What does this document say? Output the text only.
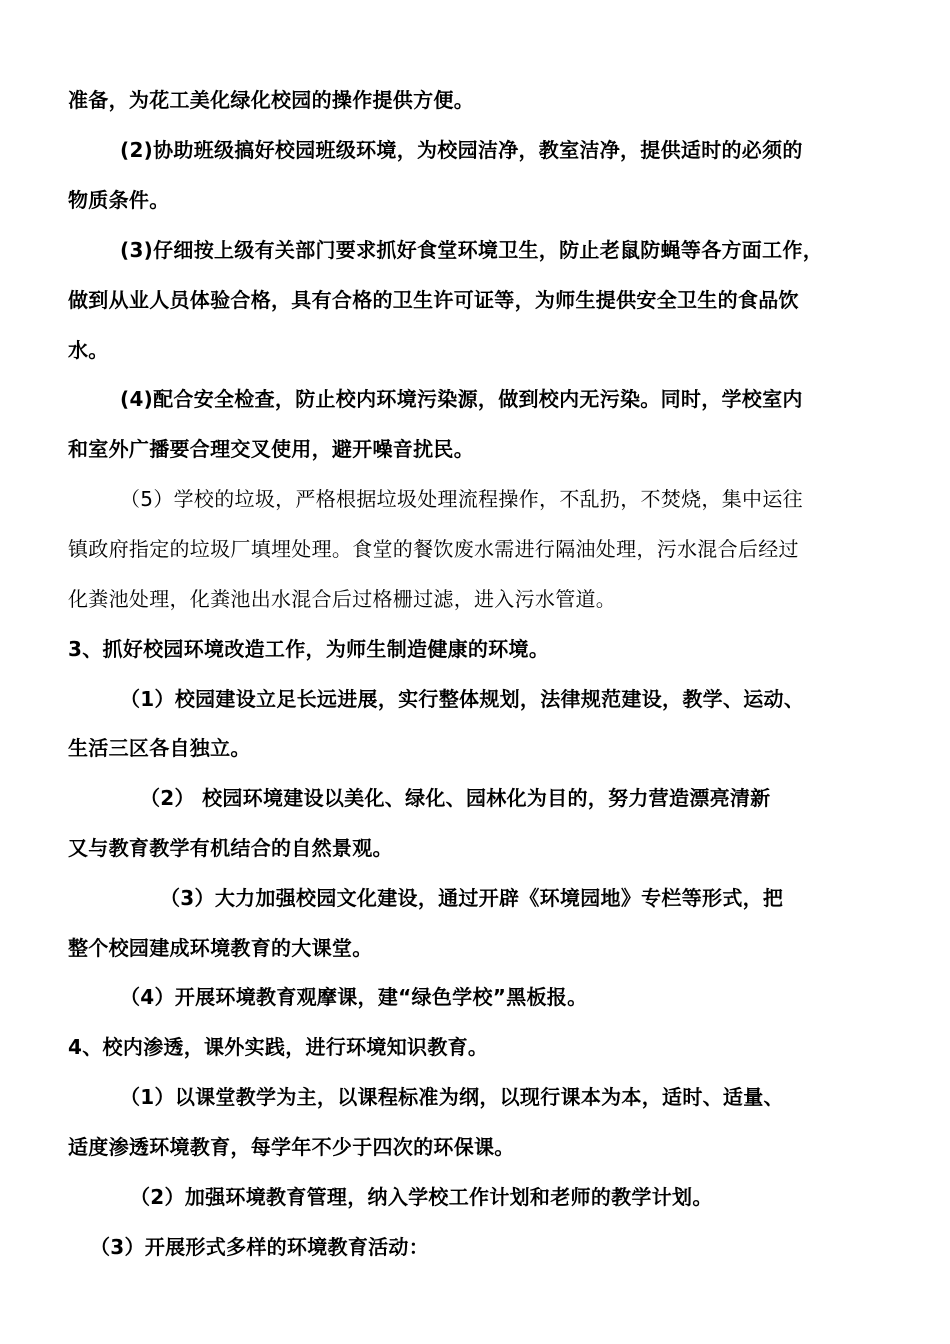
准备，为花工美化绿化校园的操作提供方便。
(2)协助班级搞好校园班级环境，为校园洁净，教室洁净，提供适时的必须的
物质条件。
(3)仔细按上级有关部门要求抓好食堂环境卫生，防止老鼠防蝇等各方面工作，
做到从业人员体验合格，具有合格的卫生许可证等，为师生提供安全卫生的食品饮
水。
(4)配合安全检查，防止校内环境污染源，做到校内无污染。同时，学校室内
和室外广播要合理交叉使用，避开噪音扰民。
（5）学校的垃圾，严格根据垃圾处理流程操作，不乱扔，不焚烧，集中运往
镇政府指定的垃圾厂填埋处理。食堂的餐饮废水需进行隔油处理，污水混合后经过
化粪池处理，化粪池出水混合后过格栅过滤，进入污水管道。
3、抓好校园环境改造工作，为师生制造健康的环境。
（1）校园建设立足长远进展，实行整体规划，法律规范建设，教学、运动、
生活三区各自独立。
（2） 校园环境建设以美化、绿化、园林化为目的，努力营造漂亮清新
又与教育教学有机结合的自然景观。
（3）大力加强校园文化建设，通过开辟《环境园地》专栏等形式，把
整个校园建成环境教育的大课堂。
（4）开展环境教育观摩课，建“绿色学校”黑板报。
4、校内渗透，课外实践，进行环境知识教育。
（1）以课堂教学为主，以课程标准为纲，以现行课本为本，适时、适量、
适度渗透环境教育，每学年不少于四次的环保课。
（2）加强环境教育管理，纳入学校工作计划和老师的教学计划。
（3）开展形式多样的环境教育活动：
